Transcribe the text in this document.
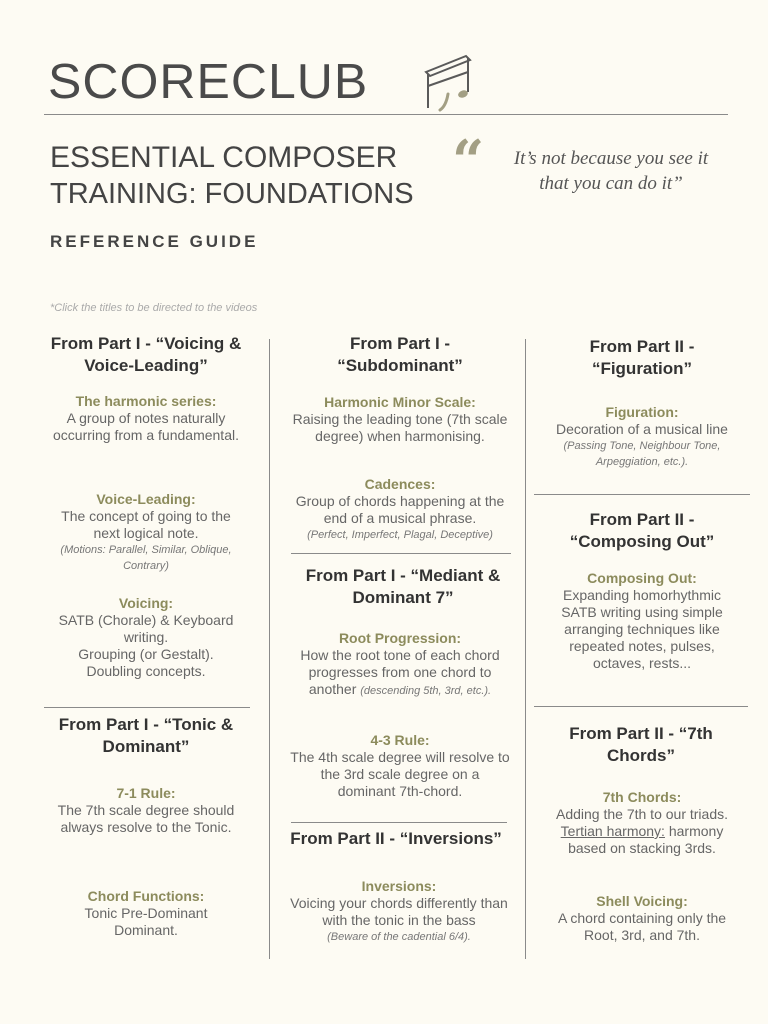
SCORECLUB
ESSENTIAL COMPOSER
TRAINING: FOUNDATIONS
REFERENCE GUIDE
“	It’s not because you see it
that you can do it”
*Click the titles to be directed to the videos
From Part I - “Voicing & Voice-Leading”
The harmonic series:
A group of notes naturally occurring from a fundamental.
Voice-Leading:
The concept of going to the next logical note.
(Motions: Parallel, Similar, Oblique, Contrary)
Voicing:
SATB (Chorale) & Keyboard writing.
Grouping (or Gestalt).
Doubling concepts.
From Part I - “Tonic & Dominant”
7-1 Rule:
The 7th scale degree should always resolve to the Tonic.
Chord Functions:
Tonic Pre-Dominant Dominant.
From Part I - “Subdominant”
Harmonic Minor Scale:
Raising the leading tone (7th scale degree) when harmonising.
Cadences:
Group of chords happening at the end of a musical phrase.
(Perfect, Imperfect, Plagal, Deceptive)
From Part I - “Mediant & Dominant 7”
Root Progression:
How the root tone of each chord progresses from one chord to another (descending 5th, 3rd, etc.).
4-3 Rule:
The 4th scale degree will resolve to the 3rd scale degree on a dominant 7th-chord.
From Part II - “Inversions”
Inversions:
Voicing your chords differently than with the tonic in the bass
(Beware of the cadential 6/4).
From Part II - “Figuration”
Figuration:
Decoration of a musical line
(Passing Tone, Neighbour Tone, Arpeggiation, etc.).
From Part II - “Composing Out”
Composing Out:
Expanding homorhythmic SATB writing using simple arranging techniques like repeated notes, pulses, octaves, rests...
From Part II - “7th Chords”
7th Chords:
Adding the 7th to our triads.
Tertian harmony: harmony based on stacking 3rds.
Shell Voicing:
A chord containing only the Root, 3rd, and 7th.
